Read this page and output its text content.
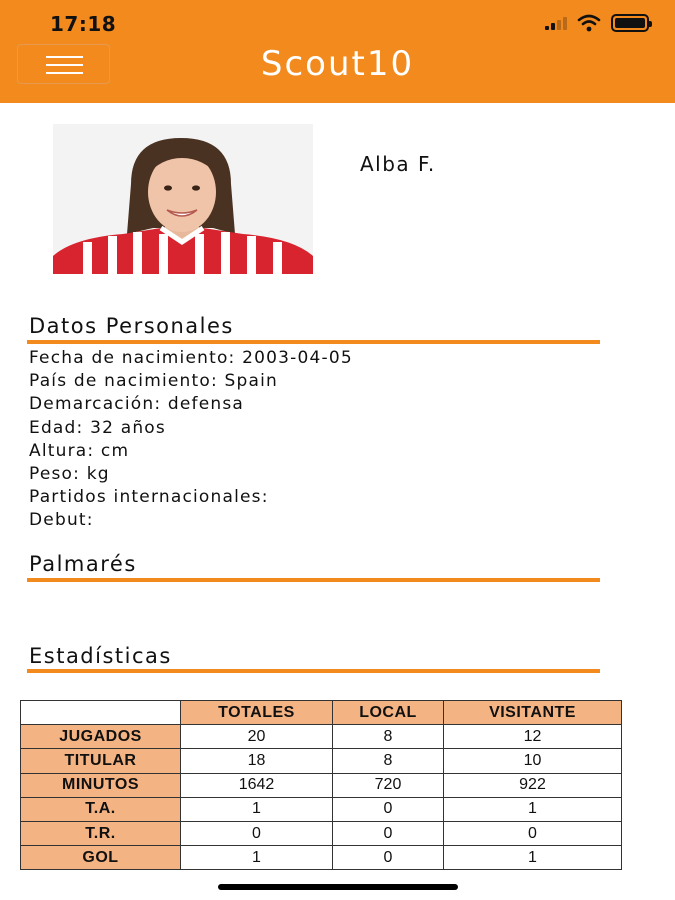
17:18
Scout10
Alba F.
Datos Personales
Fecha de nacimiento: 2003-04-05
País de nacimiento: Spain
Demarcación: defensa
Edad: 32 años
Altura: cm
Peso: kg
Partidos internacionales:
Debut:
Palmarés
Estadísticas
	TOTALES	LOCAL	VISITANTE
JUGADOS	20	8	12
TITULAR	18	8	10
MINUTOS	1642	720	922
T.A.	1	0	1
T.R.	0	0	0
GOL	1	0	1
